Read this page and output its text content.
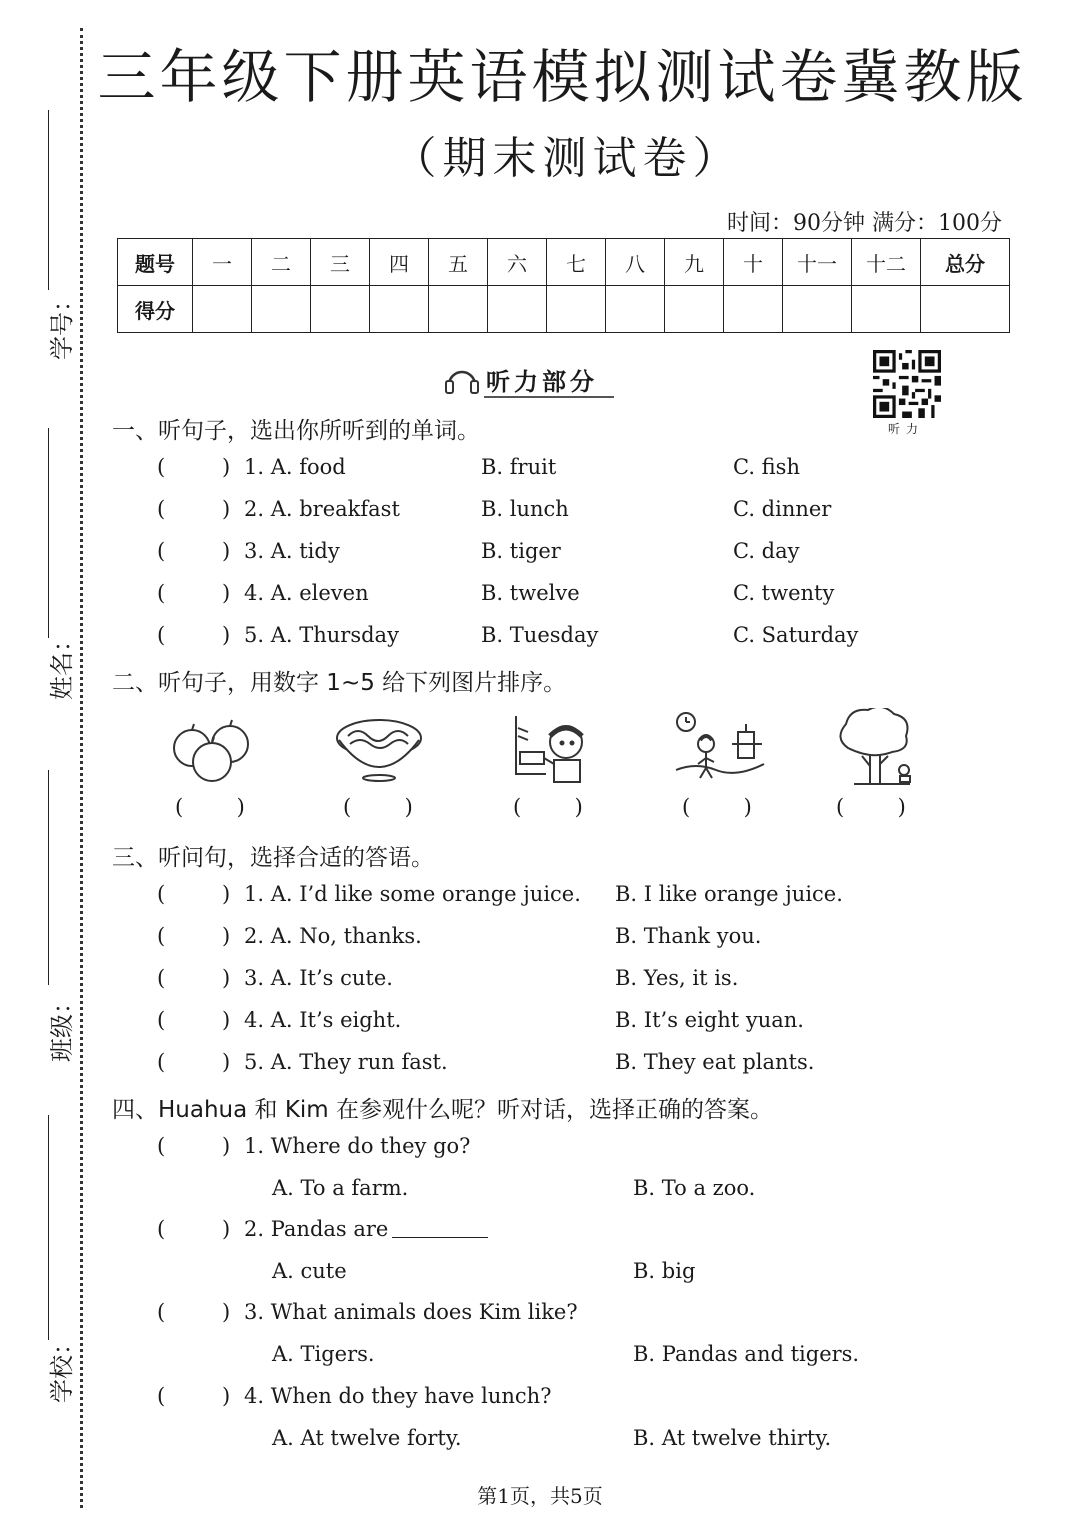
学号：
姓名：
班级：
学校：
三年级下册英语模拟测试卷冀教版
（期末测试卷）
时间：90分钟 满分：100分
题号	一	二	三	四	五	六	七	八	九	十	十一	十二	总分
得分													
听力部分
听力
一、听句子，选出你所听到的单词。
(	) 1. A. food	B. fruit	C. fish
(	) 2. A. breakfast	B. lunch	C. dinner
(	) 3. A. tidy	B. tiger	C. day
(	) 4. A. eleven	B. twelve	C. twenty
(	) 5. A. Thursday	B. Tuesday	C. Saturday
二、听句子，用数字 1~5 给下列图片排序。
(        )	(        )	(        )	(        )	(        )
三、听问句，选择合适的答语。
(	) 1. A. I’d like some orange juice. B. I like orange juice.
(	) 2. A. No, thanks.	B. Thank you.
(	) 3. A. It’s cute.	B. Yes, it is.
(	) 4. A. It’s eight.	B. It’s eight yuan.
(	) 5. A. They run fast.	B. They eat plants.
四、Huahua 和 Kim 在参观什么呢？听对话，选择正确的答案。
(	) 1. Where do they go?
A. To a farm.	B. To a zoo.
(	) 2. Pandas are
A. cute	B. big
(	) 3. What animals does Kim like?
A. Tigers.	B. Pandas and tigers.
(	) 4. When do they have lunch?
A. At twelve forty.	B. At twelve thirty.
第1页，共5页
